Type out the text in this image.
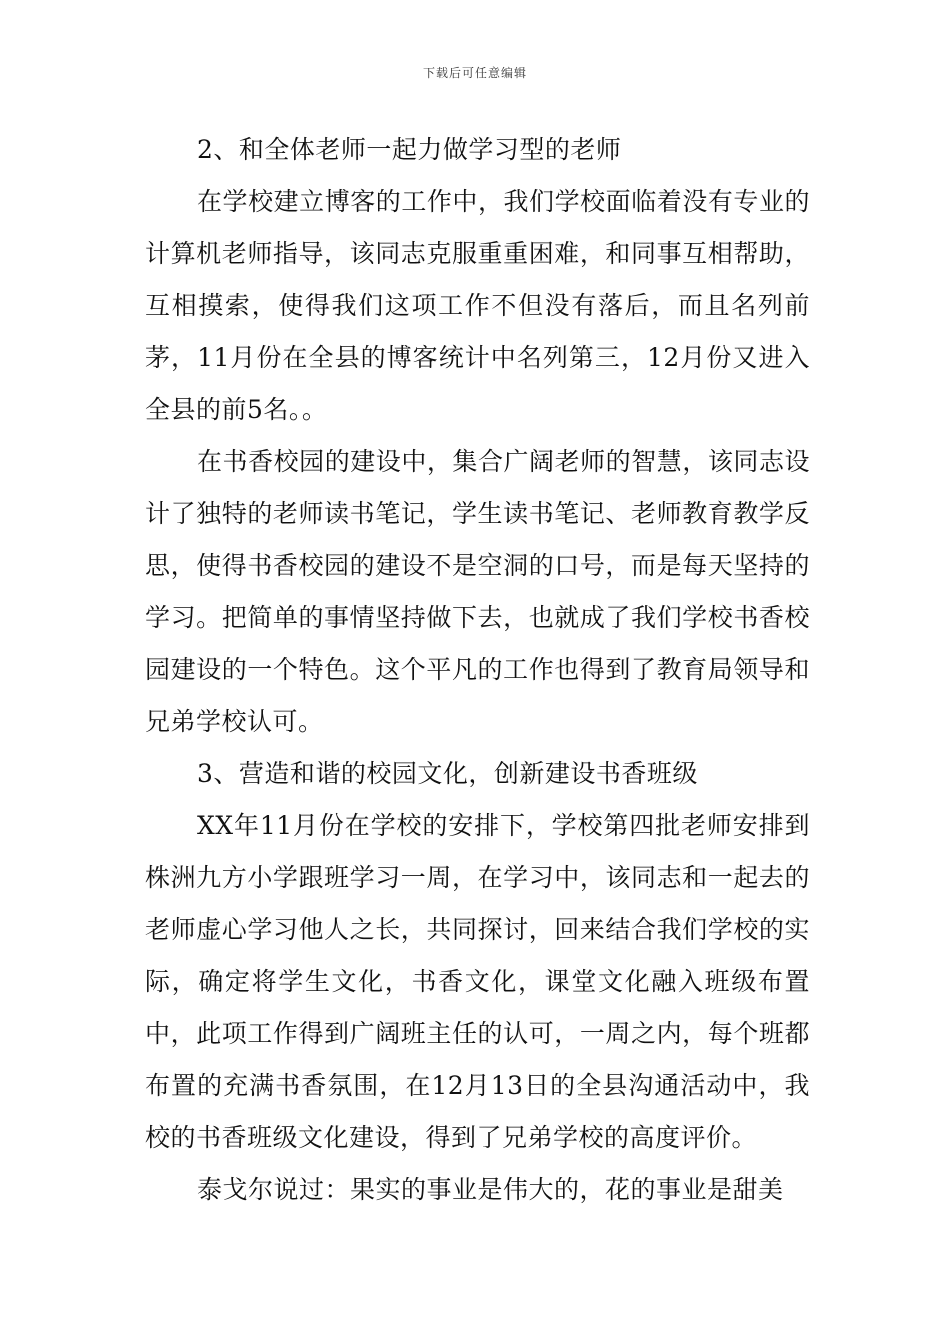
下载后可任意编辑

2、和全体老师一起力做学习型的老师

在学校建立博客的工作中，我们学校面临着没有专业的计算机老师指导，该同志克服重重困难，和同事互相帮助，互相摸索，使得我们这项工作不但没有落后，而且名列前茅，11月份在全县的博客统计中名列第三，12月份又进入全县的前5名。。

在书香校园的建设中，集合广阔老师的智慧，该同志设计了独特的老师读书笔记，学生读书笔记、老师教育教学反思，使得书香校园的建设不是空洞的口号，而是每天坚持的学习。把简单的事情坚持做下去，也就成了我们学校书香校园建设的一个特色。这个平凡的工作也得到了教育局领导和兄弟学校认可。

3、营造和谐的校园文化，创新建设书香班级

XX年11月份在学校的安排下，学校第四批老师安排到株洲九方小学跟班学习一周，在学习中，该同志和一起去的老师虚心学习他人之长，共同探讨，回来结合我们学校的实际，确定将学生文化，书香文化，课堂文化融入班级布置中，此项工作得到广阔班主任的认可，一周之内，每个班都布置的充满书香氛围，在12月13日的全县沟通活动中，我校的书香班级文化建设，得到了兄弟学校的高度评价。

泰戈尔说过：果实的事业是伟大的，花的事业是甜美
